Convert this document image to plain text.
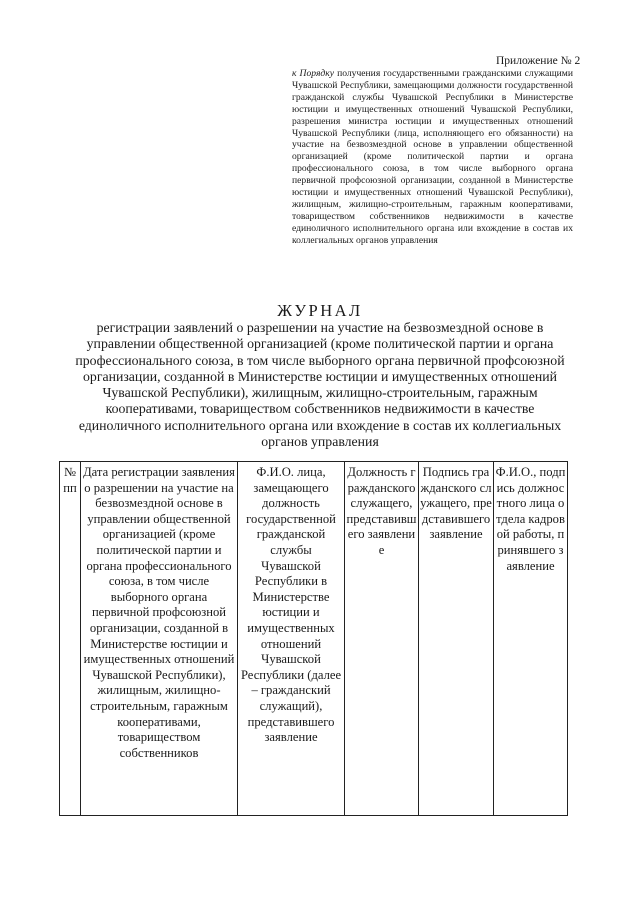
Приложение № 2
к Порядку получения государственными гражданскими служащими Чувашской Республики, замещающими должности государственной гражданской службы Чувашской Республики в Министерстве юстиции и имущественных отношений Чувашской Республики, разрешения министра юстиции и имущественных отношений Чувашской Республики (лица, исполняющего его обязанности) на участие на безвозмездной основе в управлении общественной организацией (кроме политической партии и органа профессионального союза, в том числе выборного органа первичной профсоюзной организации, созданной в Министерстве юстиции и имущественных отношений Чувашской Республики), жилищным, жилищно-строительным, гаражным кооперативами, товариществом собственников недвижимости в качестве единоличного исполнительного органа или вхождение в состав их коллегиальных органов управления
ЖУРНАЛ
регистрации заявлений о разрешении на участие на безвозмездной основе в управлении общественной организацией (кроме политической партии и органа профессионального союза, в том числе выборного органа первичной профсоюзной организации, созданной в Министерстве юстиции и имущественных отношений Чувашской Республики), жилищным, жилищно-строительным, гаражным кооперативами, товариществом собственников недвижимости в качестве единоличного исполнительного органа или вхождение в состав их коллегиальных органов управления
№ пп	Дата регистрации заявления о разрешении на участие на безвозмездной основе в управлении общественной организацией (кроме политической партии и органа профессионального союза, в том числе выборного органа первичной профсоюзной организации, созданной в Министерстве юстиции и имущественных отношений Чувашской Республики), жилищным, жилищно-строительным, гаражным кооперативами, товариществом собственников	Ф.И.О. лица, замещающего должность государственной гражданской службы Чувашской Республики в Министерстве юстиции и имущественных отношений Чувашской Республики (далее – гражданский служащий), представившего заявление	Должность гражданского служащего, представившего заявление	Подпись гражданского служащего, представившего заявление	Ф.И.О., подпись должностного лица отдела кадровой работы, принявшего заявление
